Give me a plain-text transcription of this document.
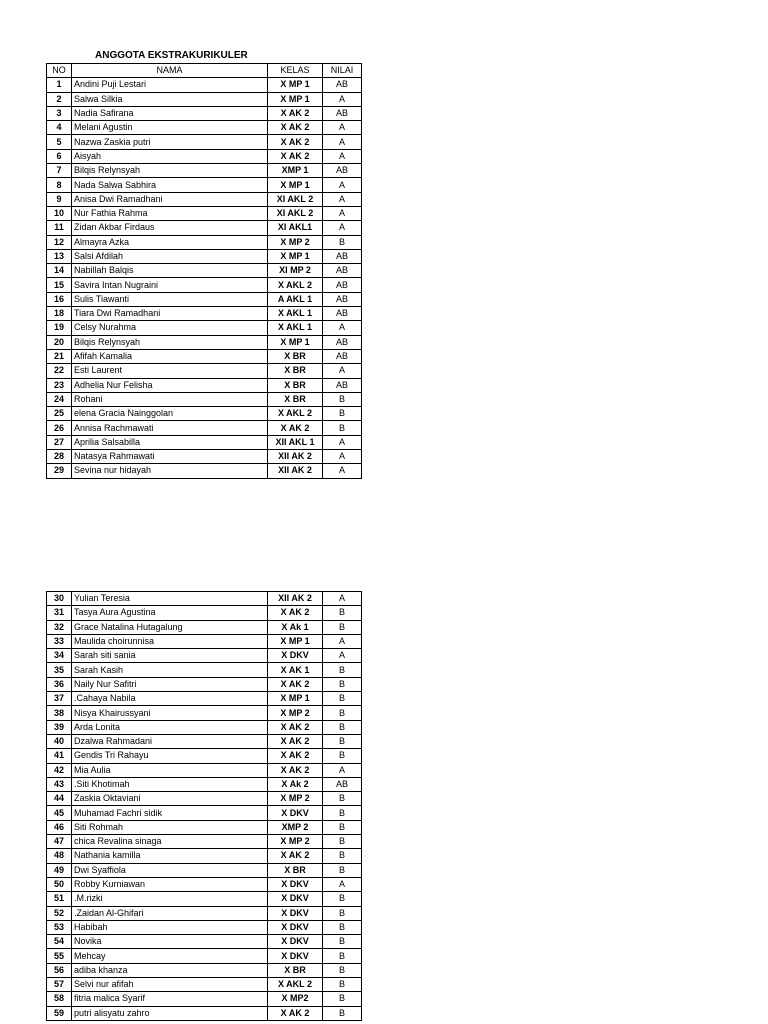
ANGGOTA EKSTRAKURIKULER
NO	NAMA	KELAS	NILAI
1	Andini Puji Lestari	X MP 1	AB
2	Salwa Silkia	X MP 1	A
3	Nadia Safirana	X AK 2	AB
4	Melani Agustin	X AK 2	A
5	Nazwa Zaskia putri	X AK 2	A
6	Aisyah	X AK 2	A
7	Bilqis Relynsyah	XMP 1	AB
8	Nada Salwa Sabhira	X MP 1	A
9	Anisa Dwi Ramadhani	XI AKL 2	A
10	Nur Fathia Rahma	XI AKL 2	A
11	Zidan Akbar Firdaus	XI AKL1	A
12	Almayra Azka	X MP 2	B
13	Salsi Afdilah	X MP 1	AB
14	Nabillah Balqis	XI MP 2	AB
15	Savira Intan Nugraini	X AKL 2	AB
16	Sulis Tiawanti	A AKL 1	AB
18	Tiara Dwi Ramadhani	X AKL 1	AB
19	Celsy Nurahma	X AKL 1	A
20	Bilqis Relynsyah	X MP 1	AB
21	Afifah Kamalia	X BR	AB
22	Esti Laurent	X BR	A
23	Adhelia Nur Felisha	X BR	AB
24	Rohani	X BR	B
25	elena Gracia Nainggolan	X AKL 2	B
26	Annisa Rachmawati	X AK 2	B
27	Aprilia Salsabilla	XII AKL 1	A
28	Natasya Rahmawati	XII AK 2	A
29	Sevina nur hidayah	XII AK 2	A
30	Yulian Teresia	XII AK 2	A
31	Tasya Aura Agustina	X AK 2	B
32	Grace Natalina Hutagalung	X Ak 1	B
33	Maulida choirunnisa	X MP 1	A
34	Sarah siti sania	X DKV	A
35	Sarah Kasih	X AK 1	B
36	Naily Nur Safitri	X AK 2	B
37	.Cahaya Nabila	X MP 1	B
38	Nisya Khairussyani	X MP 2	B
39	Arda Lonita	X AK 2	B
40	Dzalwa Rahmadani	X AK 2	B
41	Gendis Tri Rahayu	X AK 2	B
42	Mia Aulia	X AK 2	A
43	.Siti Khotimah	X Ak 2	AB
44	Zaskia Oktaviani	X MP 2	B
45	Muhamad Fachri sidik	X DKV	B
46	Siti Rohmah	XMP 2	B
47	chica Revalina sinaga	X MP 2	B
48	Nathania kamilla	X AK 2	B
49	Dwi Syaffiola	X BR	B
50	Robby Kurniawan	X DKV	A
51	.M.rizki	X DKV	B
52	.Zaidan Al-Ghifari	X DKV	B
53	Habibah	X DKV	B
54	Novika	X DKV	B
55	Mehcay	X DKV	B
56	adiba khanza	X BR	B
57	Selvi nur afifah	X AKL 2	B
58	fitria malica Syarif	X MP2	B
59	putri alisyatu zahro	X AK 2	B
